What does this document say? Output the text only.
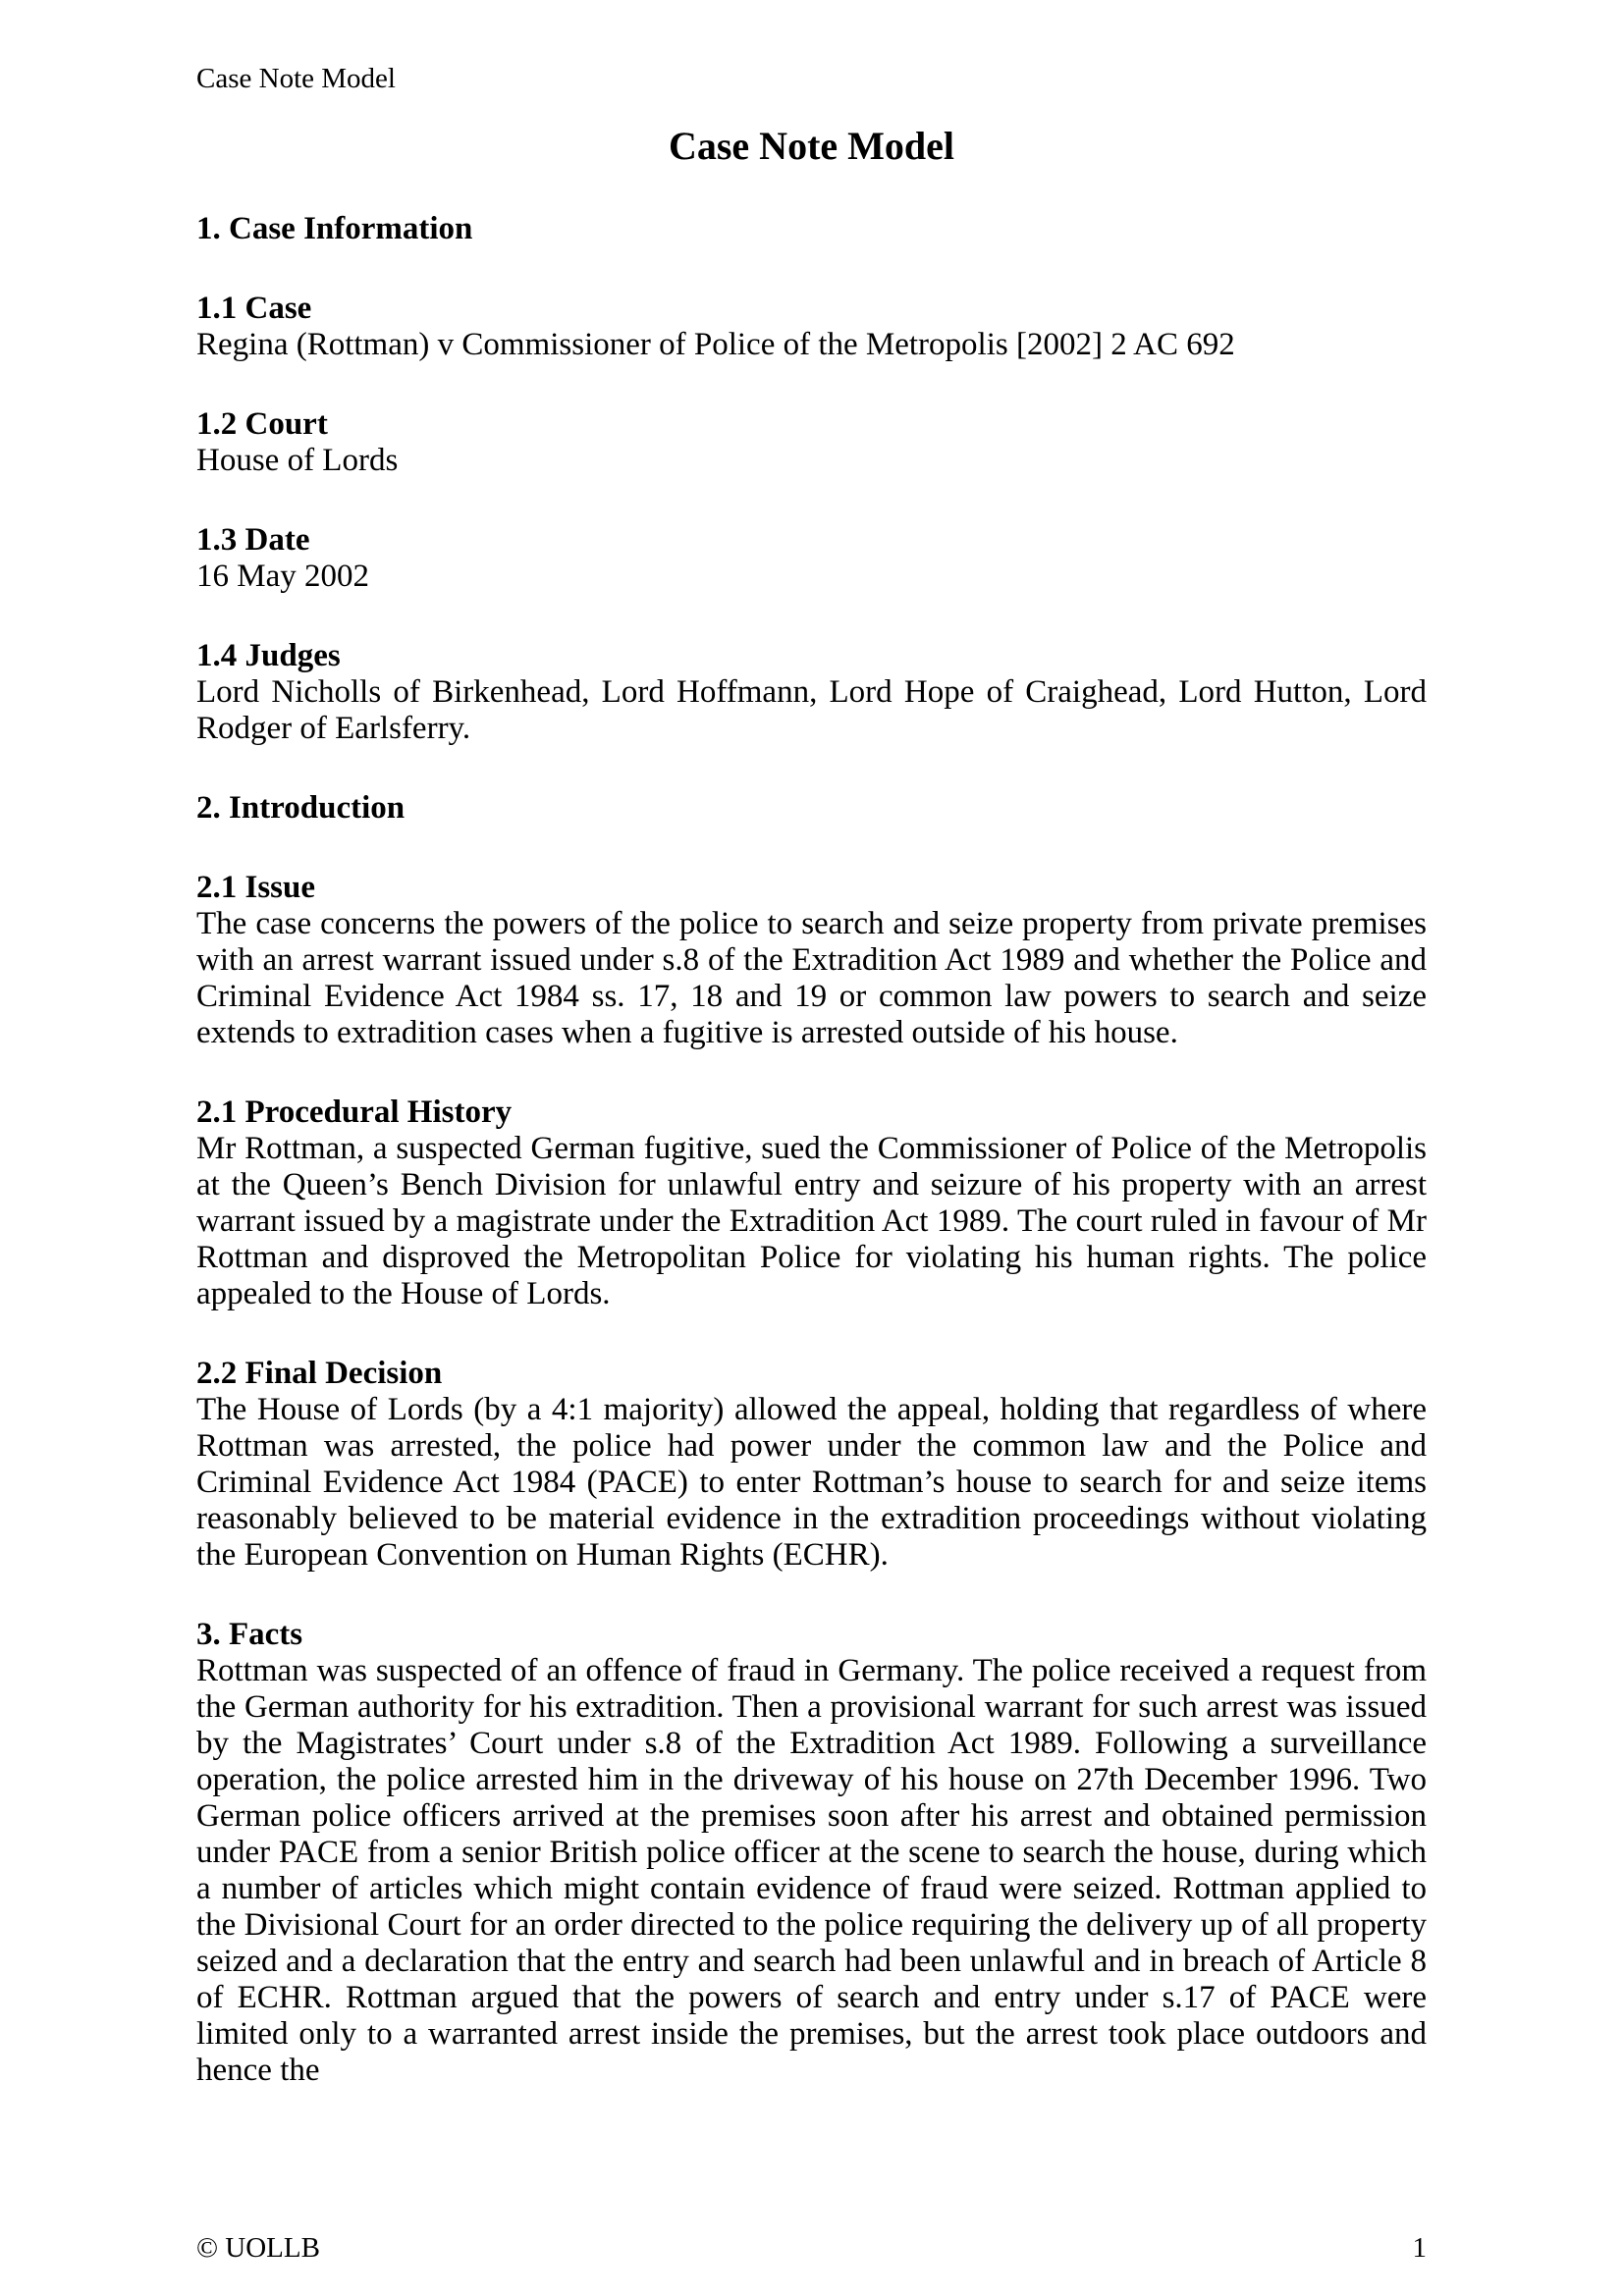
Case Note Model
Case Note Model
1. Case Information
1.1 Case
Regina (Rottman) v Commissioner of Police of the Metropolis [2002] 2 AC 692
1.2 Court
House of Lords
1.3 Date
16 May 2002
1.4 Judges
Lord Nicholls of Birkenhead, Lord Hoffmann, Lord Hope of Craighead, Lord Hutton, Lord Rodger of Earlsferry.
2. Introduction
2.1 Issue
The case concerns the powers of the police to search and seize property from private premises with an arrest warrant issued under s.8 of the Extradition Act 1989 and whether the Police and Criminal Evidence Act 1984 ss. 17, 18 and 19 or common law powers to search and seize extends to extradition cases when a fugitive is arrested outside of his house.
2.1 Procedural History
Mr Rottman, a suspected German fugitive, sued the Commissioner of Police of the Metropolis at the Queen’s Bench Division for unlawful entry and seizure of his property with an arrest warrant issued by a magistrate under the Extradition Act 1989. The court ruled in favour of Mr Rottman and disproved the Metropolitan Police for violating his human rights. The police appealed to the House of Lords.
2.2 Final Decision
The House of Lords (by a 4:1 majority) allowed the appeal, holding that regardless of where Rottman was arrested, the police had power under the common law and the Police and Criminal Evidence Act 1984 (PACE) to enter Rottman’s house to search for and seize items reasonably believed to be material evidence in the extradition proceedings without violating the European Convention on Human Rights (ECHR).
3. Facts
Rottman was suspected of an offence of fraud in Germany. The police received a request from the German authority for his extradition. Then a provisional warrant for such arrest was issued by the Magistrates’ Court under s.8 of the Extradition Act 1989. Following a surveillance operation, the police arrested him in the driveway of his house on 27th December 1996. Two German police officers arrived at the premises soon after his arrest and obtained permission under PACE from a senior British police officer at the scene to search the house, during which a number of articles which might contain evidence of fraud were seized. Rottman applied to the Divisional Court for an order directed to the police requiring the delivery up of all property seized and a declaration that the entry and search had been unlawful and in breach of Article 8 of ECHR. Rottman argued that the powers of search and entry under s.17 of PACE were limited only to a warranted arrest inside the premises, but the arrest took place outdoors and hence the
© UOLLB	1
